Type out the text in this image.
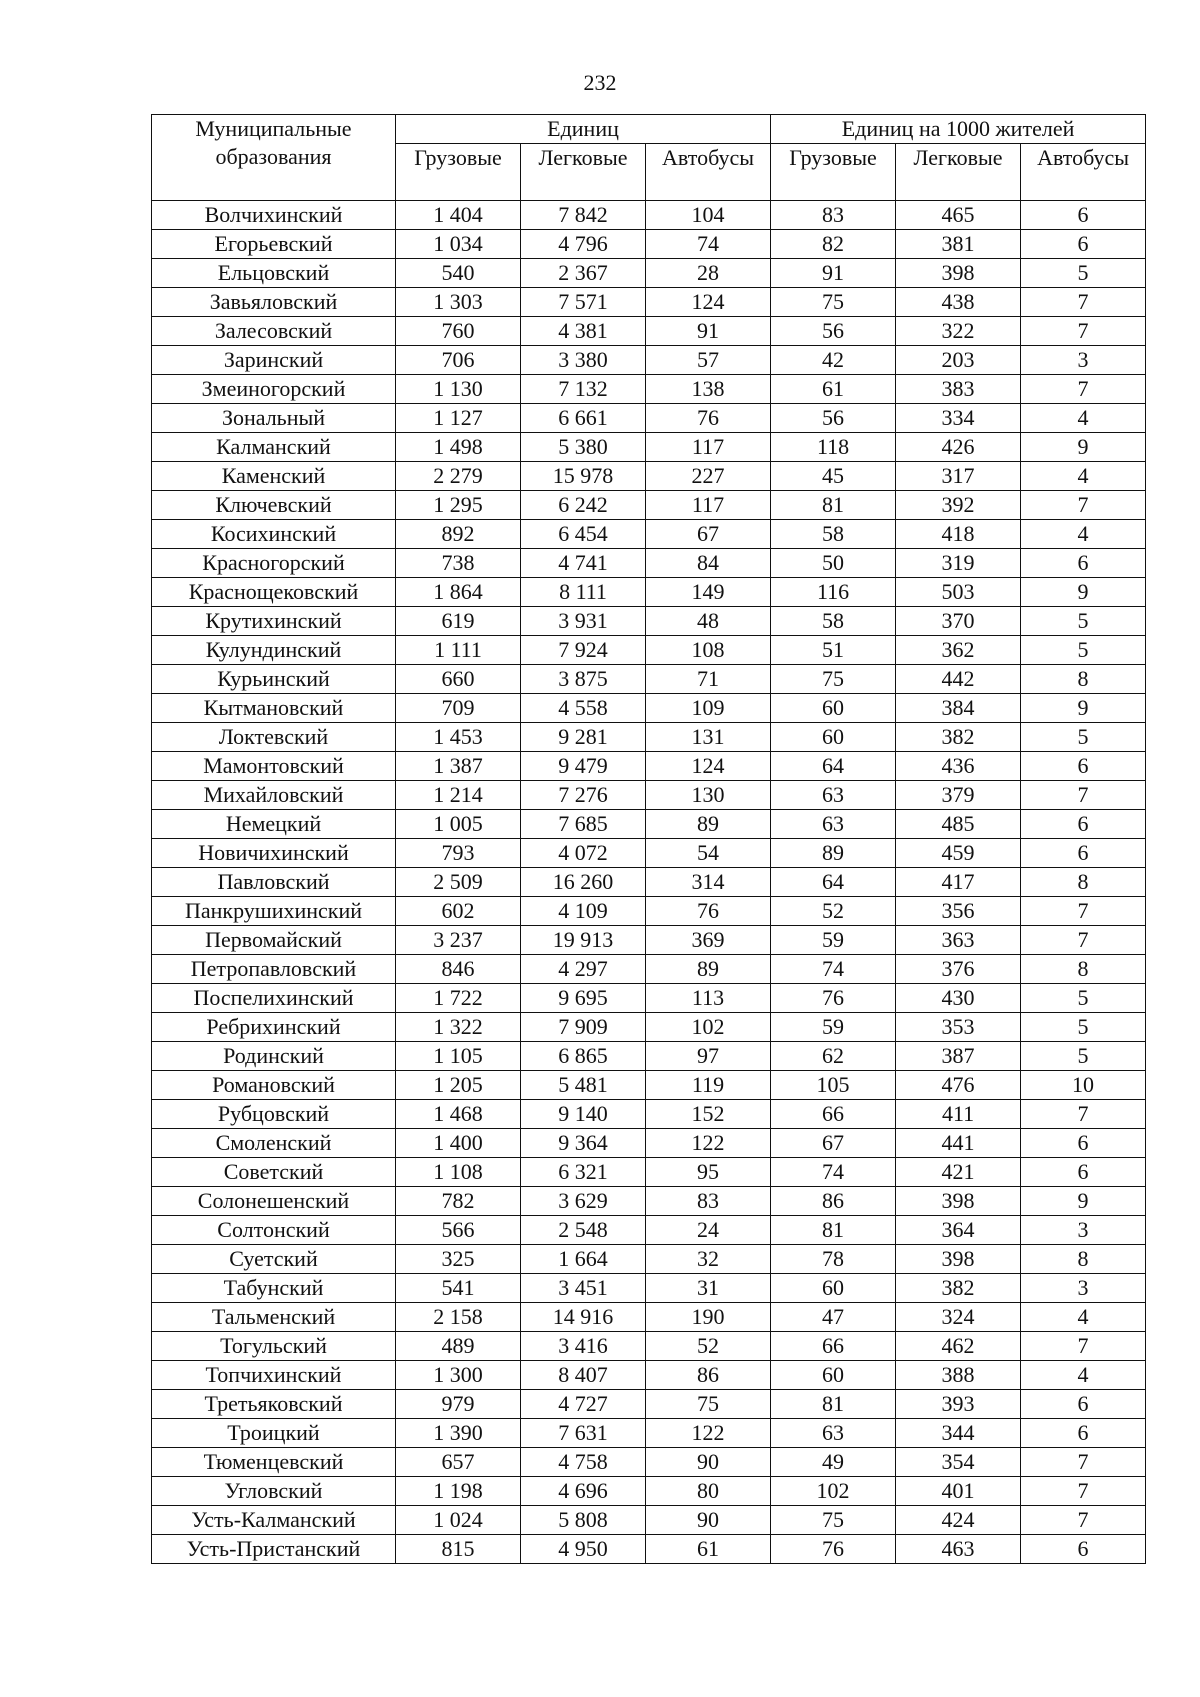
232
Муниципальные образования	Единиц			Единиц на 1000 жителей		
	Грузовые	Легковые	Автобусы	Грузовые	Легковые	Автобусы
Волчихинский	1 404	7 842	104	83	465	6
Егорьевский	1 034	4 796	74	82	381	6
Ельцовский	540	2 367	28	91	398	5
Завьяловский	1 303	7 571	124	75	438	7
Залесовский	760	4 381	91	56	322	7
Заринский	706	3 380	57	42	203	3
Змеиногорский	1 130	7 132	138	61	383	7
Зональный	1 127	6 661	76	56	334	4
Калманский	1 498	5 380	117	118	426	9
Каменский	2 279	15 978	227	45	317	4
Ключевский	1 295	6 242	117	81	392	7
Косихинский	892	6 454	67	58	418	4
Красногорский	738	4 741	84	50	319	6
Краснощековский	1 864	8 111	149	116	503	9
Крутихинский	619	3 931	48	58	370	5
Кулундинский	1 111	7 924	108	51	362	5
Курьинский	660	3 875	71	75	442	8
Кытмановский	709	4 558	109	60	384	9
Локтевский	1 453	9 281	131	60	382	5
Мамонтовский	1 387	9 479	124	64	436	6
Михайловский	1 214	7 276	130	63	379	7
Немецкий	1 005	7 685	89	63	485	6
Новичихинский	793	4 072	54	89	459	6
Павловский	2 509	16 260	314	64	417	8
Панкрушихинский	602	4 109	76	52	356	7
Первомайский	3 237	19 913	369	59	363	7
Петропавловский	846	4 297	89	74	376	8
Поспелихинский	1 722	9 695	113	76	430	5
Ребрихинский	1 322	7 909	102	59	353	5
Родинский	1 105	6 865	97	62	387	5
Романовский	1 205	5 481	119	105	476	10
Рубцовский	1 468	9 140	152	66	411	7
Смоленский	1 400	9 364	122	67	441	6
Советский	1 108	6 321	95	74	421	6
Солонешенский	782	3 629	83	86	398	9
Солтонский	566	2 548	24	81	364	3
Суетский	325	1 664	32	78	398	8
Табунский	541	3 451	31	60	382	3
Тальменский	2 158	14 916	190	47	324	4
Тогульский	489	3 416	52	66	462	7
Топчихинский	1 300	8 407	86	60	388	4
Третьяковский	979	4 727	75	81	393	6
Троицкий	1 390	7 631	122	63	344	6
Тюменцевский	657	4 758	90	49	354	7
Угловский	1 198	4 696	80	102	401	7
Усть-Калманский	1 024	5 808	90	75	424	7
Усть-Пристанский	815	4 950	61	76	463	6
